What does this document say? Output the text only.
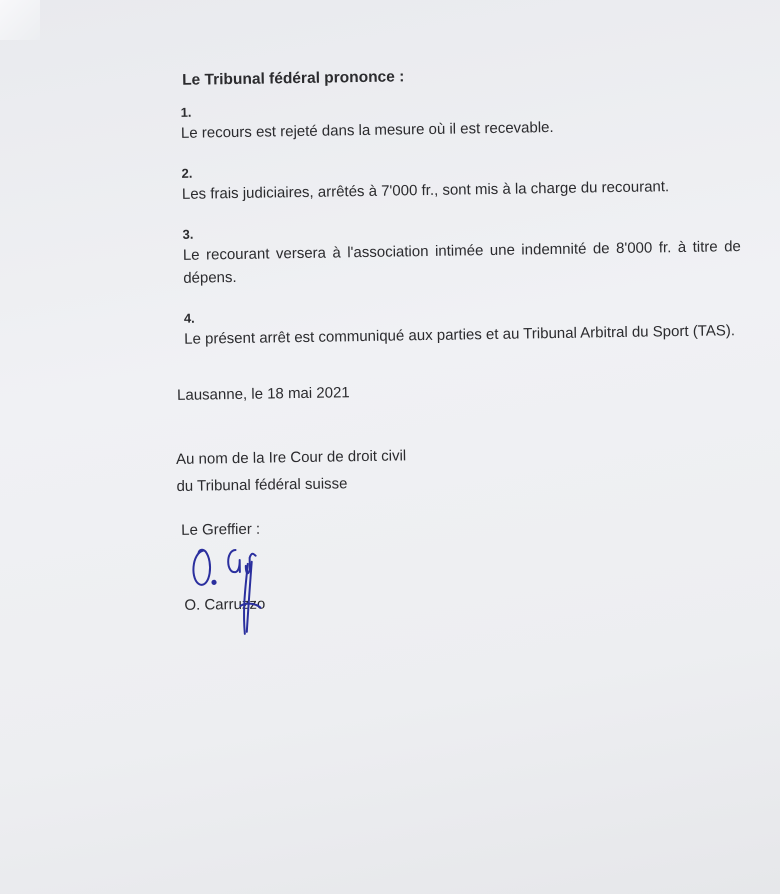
Le Tribunal fédéral prononce :
1.
Le recours est rejeté dans la mesure où il est recevable.
2.
Les frais judiciaires, arrêtés à 7'000 fr., sont mis à la charge du recourant.
3.
Le recourant versera à l'association intimée une indemnité de 8'000 fr. à titre de dépens.
4.
Le présent arrêt est communiqué aux parties et au Tribunal Arbitral du Sport (TAS).
Lausanne, le 18 mai 2021
Au nom de la Ire Cour de droit civil
du Tribunal fédéral suisse
Le Greffier :
O. Carruzzo
